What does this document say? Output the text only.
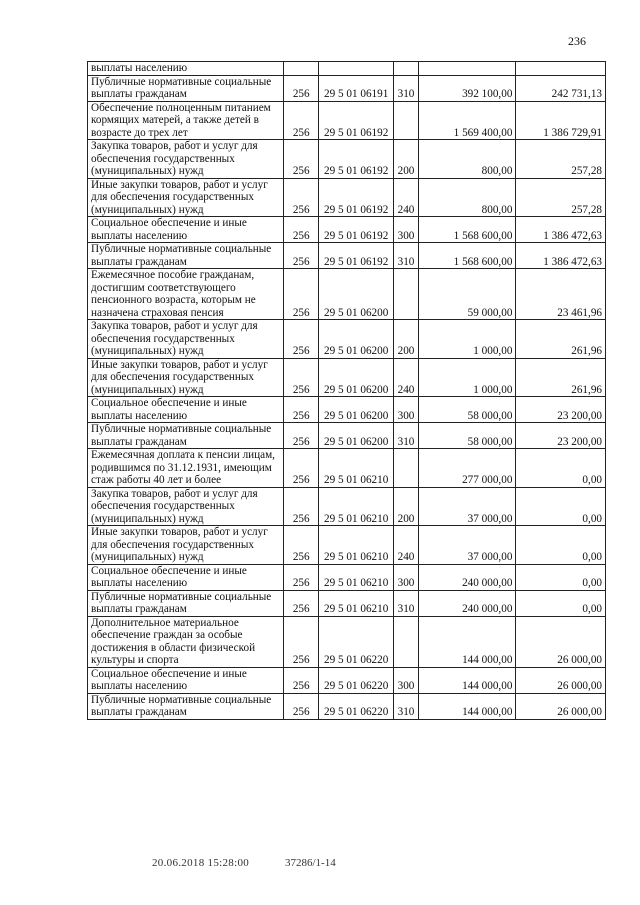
236
выплаты населению					
Публичные нормативные социальные выплаты гражданам	256	29 5 01 06191	310	392 100,00	242 731,13
Обеспечение полноценным питанием кормящих матерей, а также детей в возрасте до трех лет	256	29 5 01 06192		1 569 400,00	1 386 729,91
Закупка товаров, работ и услуг для обеспечения государственных (муниципальных) нужд	256	29 5 01 06192	200	800,00	257,28
Иные закупки товаров, работ и услуг для обеспечения государственных (муниципальных) нужд	256	29 5 01 06192	240	800,00	257,28
Социальное обеспечение и иные выплаты населению	256	29 5 01 06192	300	1 568 600,00	1 386 472,63
Публичные нормативные социальные выплаты гражданам	256	29 5 01 06192	310	1 568 600,00	1 386 472,63
Ежемесячное пособие гражданам, достигшим соответствующего пенсионного возраста, которым не назначена страховая пенсия	256	29 5 01 06200		59 000,00	23 461,96
Закупка товаров, работ и услуг для обеспечения государственных (муниципальных) нужд	256	29 5 01 06200	200	1 000,00	261,96
Иные закупки товаров, работ и услуг для обеспечения государственных (муниципальных) нужд	256	29 5 01 06200	240	1 000,00	261,96
Социальное обеспечение и иные выплаты населению	256	29 5 01 06200	300	58 000,00	23 200,00
Публичные нормативные социальные выплаты гражданам	256	29 5 01 06200	310	58 000,00	23 200,00
Ежемесячная доплата к пенсии лицам, родившимся по 31.12.1931, имеющим стаж работы 40 лет и более	256	29 5 01 06210		277 000,00	0,00
Закупка товаров, работ и услуг для обеспечения государственных (муниципальных) нужд	256	29 5 01 06210	200	37 000,00	0,00
Иные закупки товаров, работ и услуг для обеспечения государственных (муниципальных) нужд	256	29 5 01 06210	240	37 000,00	0,00
Социальное обеспечение и иные выплаты населению	256	29 5 01 06210	300	240 000,00	0,00
Публичные нормативные социальные выплаты гражданам	256	29 5 01 06210	310	240 000,00	0,00
Дополнительное материальное обеспечение граждан за особые достижения в области физической культуры и спорта	256	29 5 01 06220		144 000,00	26 000,00
Социальное обеспечение и иные выплаты населению	256	29 5 01 06220	300	144 000,00	26 000,00
Публичные нормативные социальные выплаты гражданам	256	29 5 01 06220	310	144 000,00	26 000,00
20.06.2018 15:28:00	37286/1-14
